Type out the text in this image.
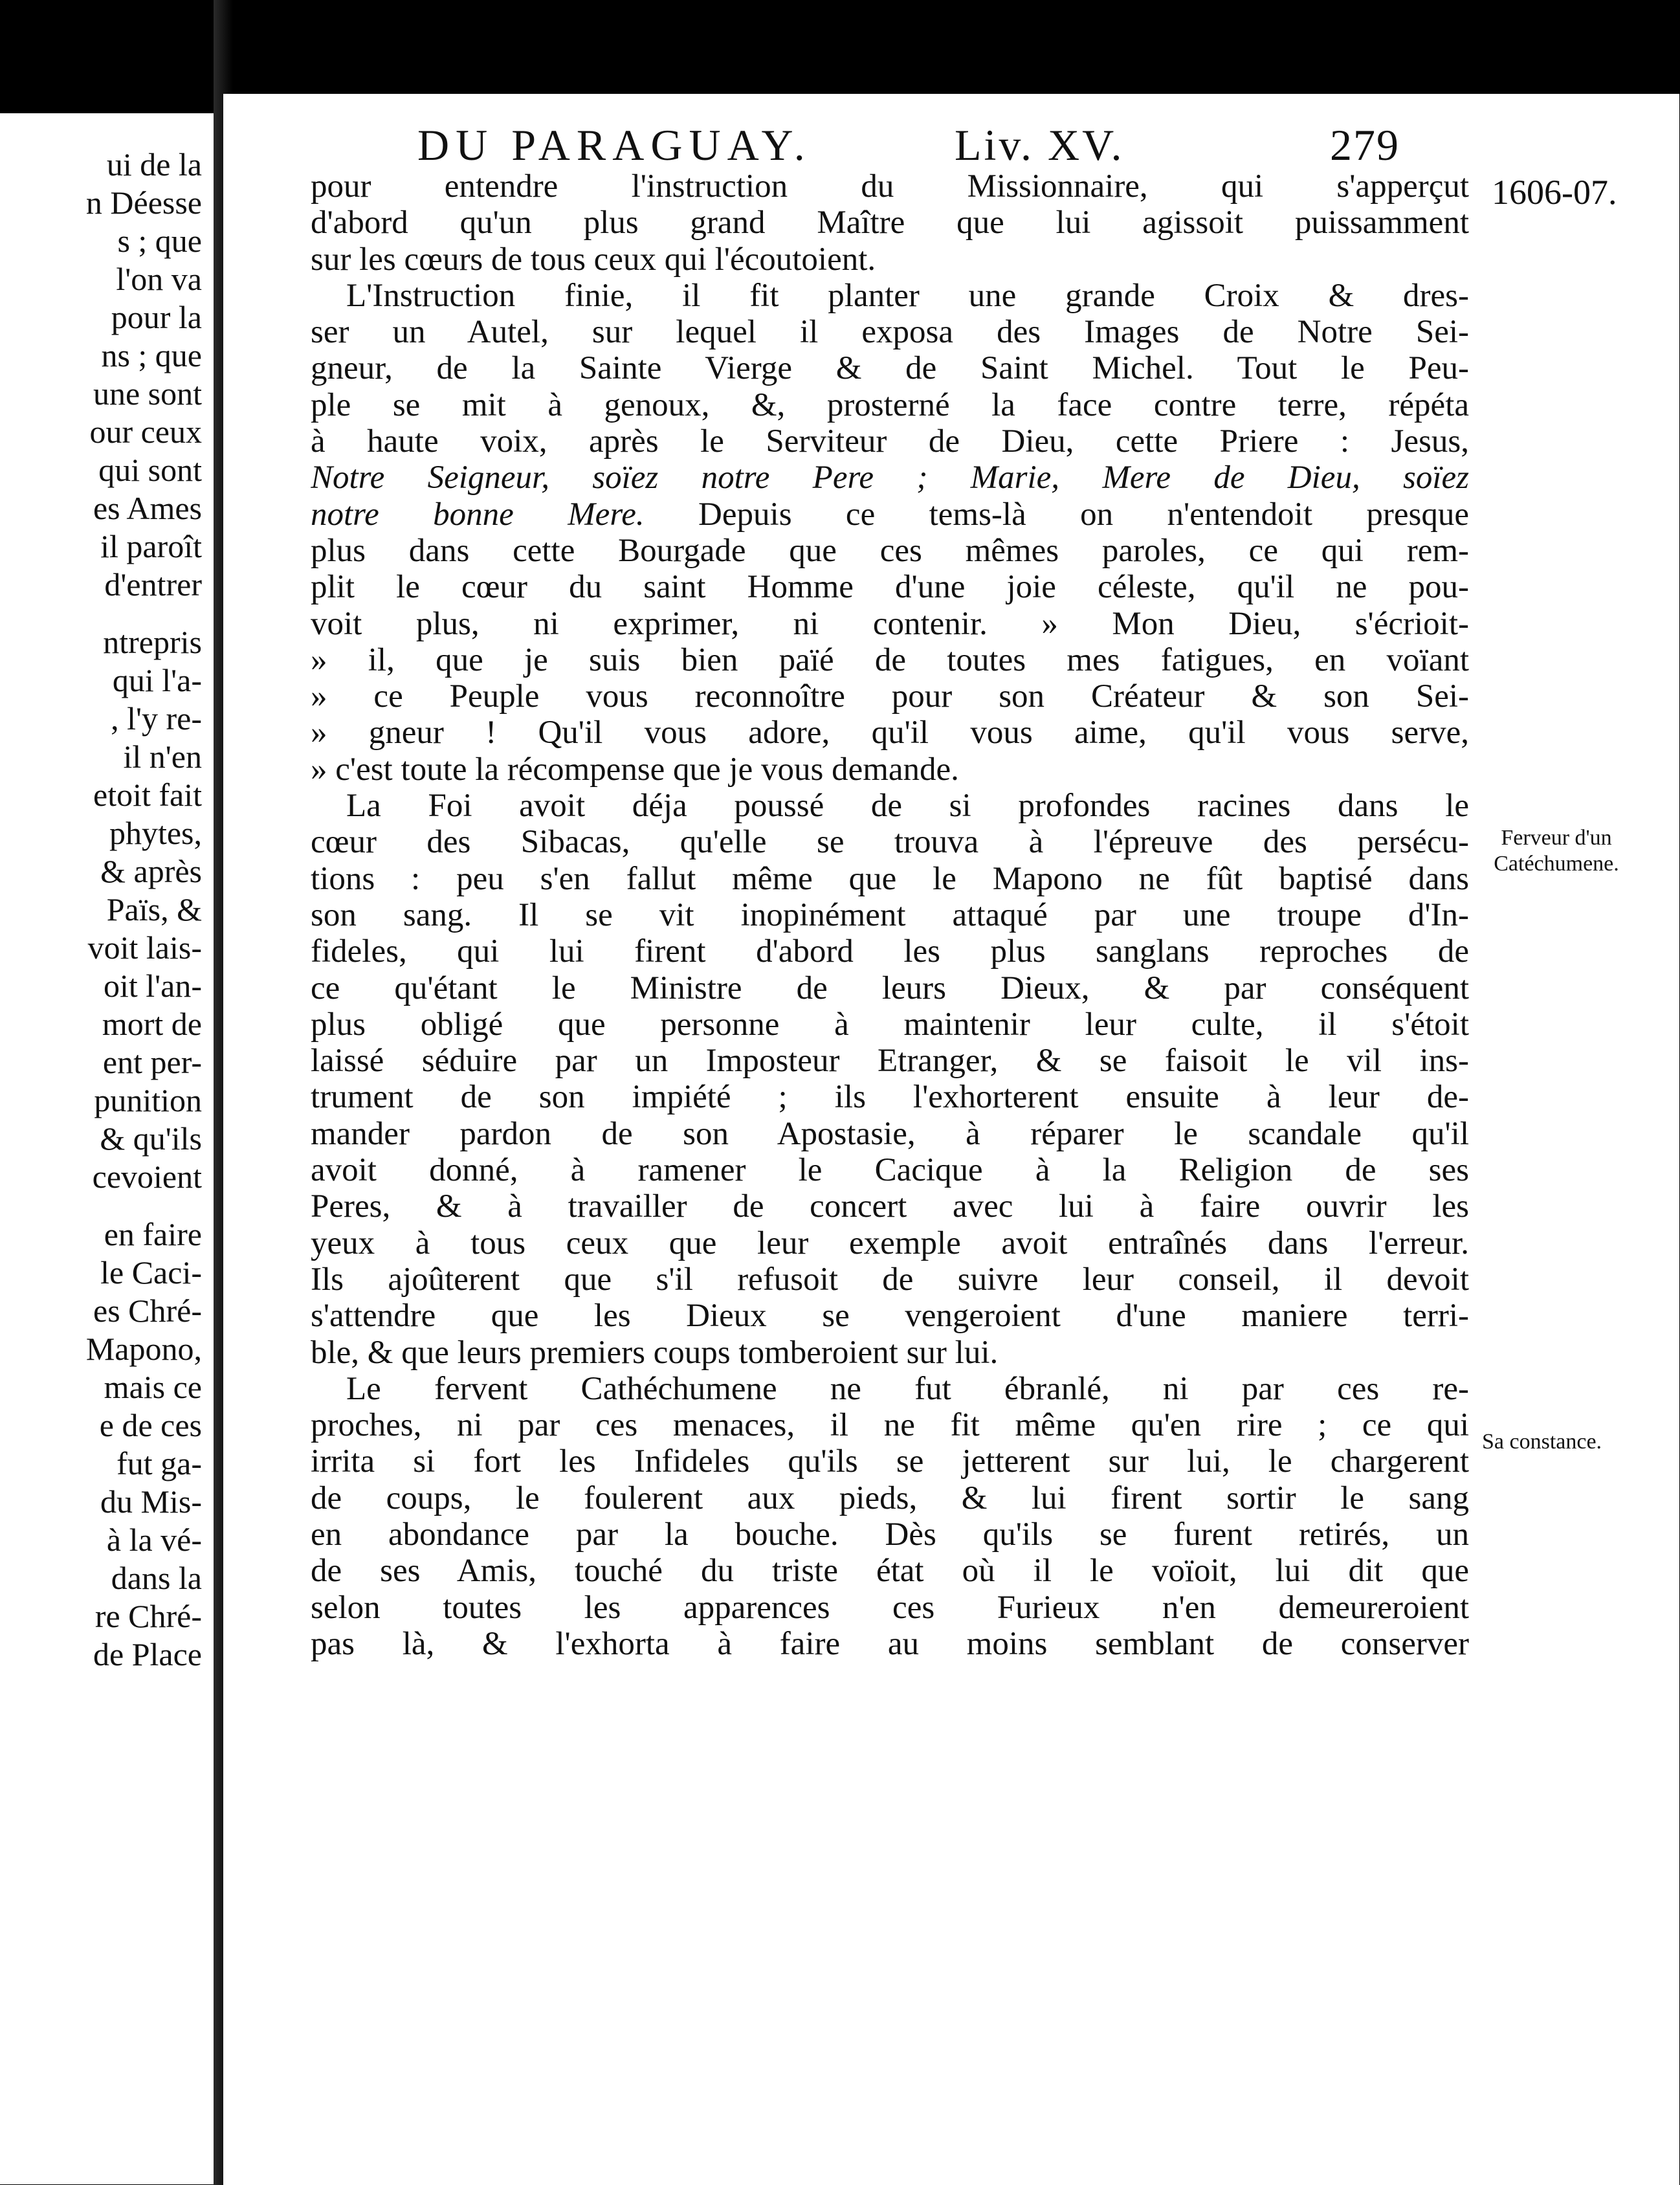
ui de la
n Déesse
s ; que
l'on va
pour la
ns ; que
une sont
our ceux
qui sont
es Ames
il paroît
d'entrer
ntrepris
qui l'a-
, l'y re-
il n'en
etoit fait
phytes,
& après
Païs, &
voit lais-
oit l'an-
mort de
ent per-
punition
& qu'ils
cevoient
en faire
le Caci-
es Chré-
Mapono,
mais ce
e de ces
fut ga-
du Mis-
à la vé-
dans la
re Chré-
de Place
DU PARAGUAY.	Liv. XV.	279
1606-07.
Ferveur d'un
Catéchumene.
Sa constance.
pour entendre l'instruction du Missionnaire, qui s'apperçut
d'abord qu'un plus grand Maître que lui agissoit puissamment
sur les cœurs de tous ceux qui l'écoutoient.
L'Instruction finie, il fit planter une grande Croix & dres-
ser un Autel, sur lequel il exposa des Images de Notre Sei-
gneur, de la Sainte Vierge & de Saint Michel. Tout le Peu-
ple se mit à genoux, &, prosterné la face contre terre, répéta
à haute voix, après le Serviteur de Dieu, cette Priere : Jesus,
Notre Seigneur, soïez notre Pere ; Marie, Mere de Dieu, soïez
notre bonne Mere. Depuis ce tems-là on n'entendoit presque
plus dans cette Bourgade que ces mêmes paroles, ce qui rem-
plit le cœur du saint Homme d'une joie céleste, qu'il ne pou-
voit plus, ni exprimer, ni contenir. » Mon Dieu, s'écrioit-
» il, que je suis bien païé de toutes mes fatigues, en voïant
» ce Peuple vous reconnoître pour son Créateur & son Sei-
» gneur ! Qu'il vous adore, qu'il vous aime, qu'il vous serve,
» c'est toute la récompense que je vous demande.
La Foi avoit déja poussé de si profondes racines dans le
cœur des Sibacas, qu'elle se trouva à l'épreuve des persécu-
tions : peu s'en fallut même que le Mapono ne fût baptisé dans
son sang. Il se vit inopinément attaqué par une troupe d'In-
fideles, qui lui firent d'abord les plus sanglans reproches de
ce qu'étant le Ministre de leurs Dieux, & par conséquent
plus obligé que personne à maintenir leur culte, il s'étoit
laissé séduire par un Imposteur Etranger, & se faisoit le vil ins-
trument de son impiété ; ils l'exhorterent ensuite à leur de-
mander pardon de son Apostasie, à réparer le scandale qu'il
avoit donné, à ramener le Cacique à la Religion de ses
Peres, & à travailler de concert avec lui à faire ouvrir les
yeux à tous ceux que leur exemple avoit entraînés dans l'erreur.
Ils ajoûterent que s'il refusoit de suivre leur conseil, il devoit
s'attendre que les Dieux se vengeroient d'une maniere terri-
ble, & que leurs premiers coups tomberoient sur lui.
Le fervent Cathéchumene ne fut ébranlé, ni par ces re-
proches, ni par ces menaces, il ne fit même qu'en rire ; ce qui
irrita si fort les Infideles qu'ils se jetterent sur lui, le chargerent
de coups, le foulerent aux pieds, & lui firent sortir le sang
en abondance par la bouche. Dès qu'ils se furent retirés, un
de ses Amis, touché du triste état où il le voïoit, lui dit que
selon toutes les apparences ces Furieux n'en demeureroient
pas là, & l'exhorta à faire au moins semblant de conserver
